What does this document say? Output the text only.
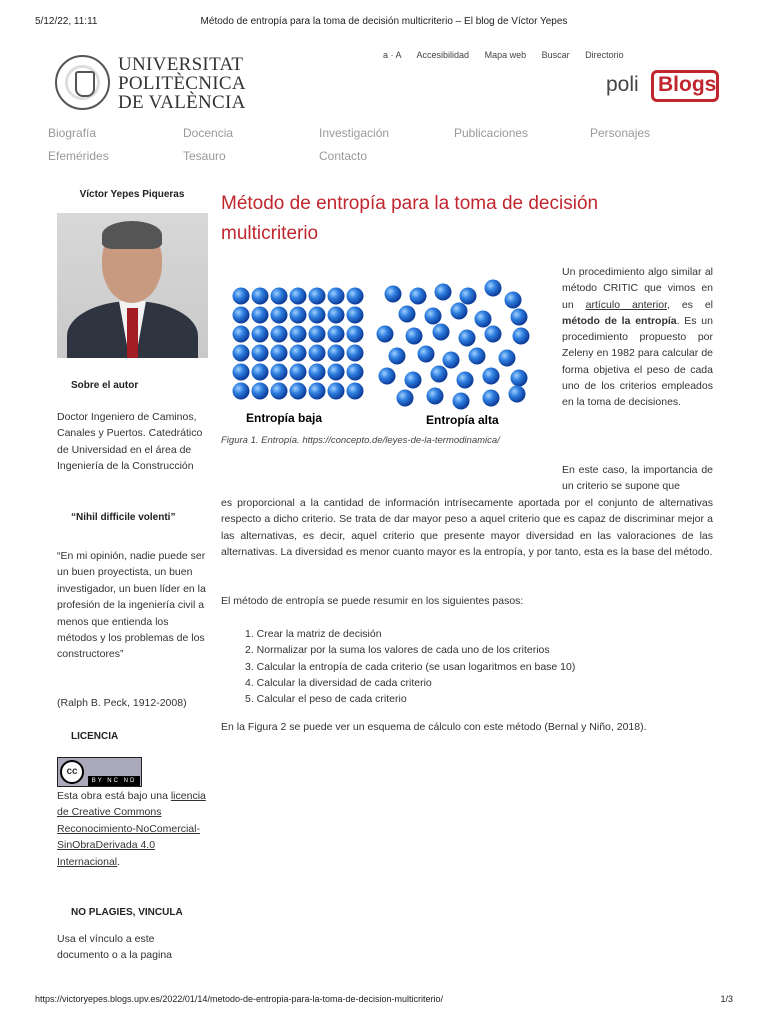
5/12/22, 11:11	Método de entropía para la toma de decisión multicriterio – El blog de Víctor Yepes
UNIVERSITAT
POLITÈCNICA
DE VALÈNCIA
a · A Accesibilidad Mapa web Buscar Directorio
poli Blogs
Biografía	Docencia	Investigación	Publicaciones	Personajes
Efemérides	Tesauro	Contacto
Víctor Yepes Piqueras
Sobre el autor
Doctor Ingeniero de Caminos, Canales y Puertos. Catedrático de Universidad en el área de Ingeniería de la Construcción
“Nihil difficile volenti”
“En mi opinión, nadie puede ser un buen proyectista, un buen investigador, un buen líder en la profesión de la ingeniería civil a menos que entienda los métodos y los problemas de los constructores”
(Ralph B. Peck, 1912-2008)
LICENCIA
cc
BY NC ND
Esta obra está bajo una licencia de Creative Commons Reconocimiento-NoComercial-SinObraDerivada 4.0 Internacional.
NO PLAGIES, VINCULA
Usa el vínculo a este documento o a la pagina
Método de entropía para la toma de decisión multicriterio
Entropía baja	Entropía alta
Figura 1. Entropía. https://concepto.de/leyes-de-la-termodinamica/
Un procedimiento algo similar al método CRITIC que vimos en un artículo anterior, es el método de la entropía. Es un procedimiento propuesto por Zeleny en 1982 para calcular de forma objetiva el peso de cada uno de los criterios empleados en la toma de decisiones.
En este caso, la importancia de un criterio se supone que
es proporcional a la cantidad de información intrísecamente aportada por el conjunto de alternativas respecto a dicho criterio. Se trata de dar mayor peso a aquel criterio que es capaz de discriminar mejor a las alternativas, es decir, aquel criterio que presente mayor diversidad en las valoraciones de las alternativas. La diversidad es menor cuanto mayor es la entropía, y por tanto, esta es la base del método.
El método de entropía se puede resumir en los siguientes pasos:
1. Crear la matriz de decisión
2. Normalizar por la suma los valores de cada uno de los criterios
3. Calcular la entropía de cada criterio (se usan logaritmos en base 10)
4. Calcular la diversidad de cada criterio
5. Calcular el peso de cada criterio
En la Figura 2 se puede ver un esquema de cálculo con este método (Bernal y Niño, 2018).
https://victoryepes.blogs.upv.es/2022/01/14/metodo-de-entropia-para-la-toma-de-decision-multicriterio/	1/3
